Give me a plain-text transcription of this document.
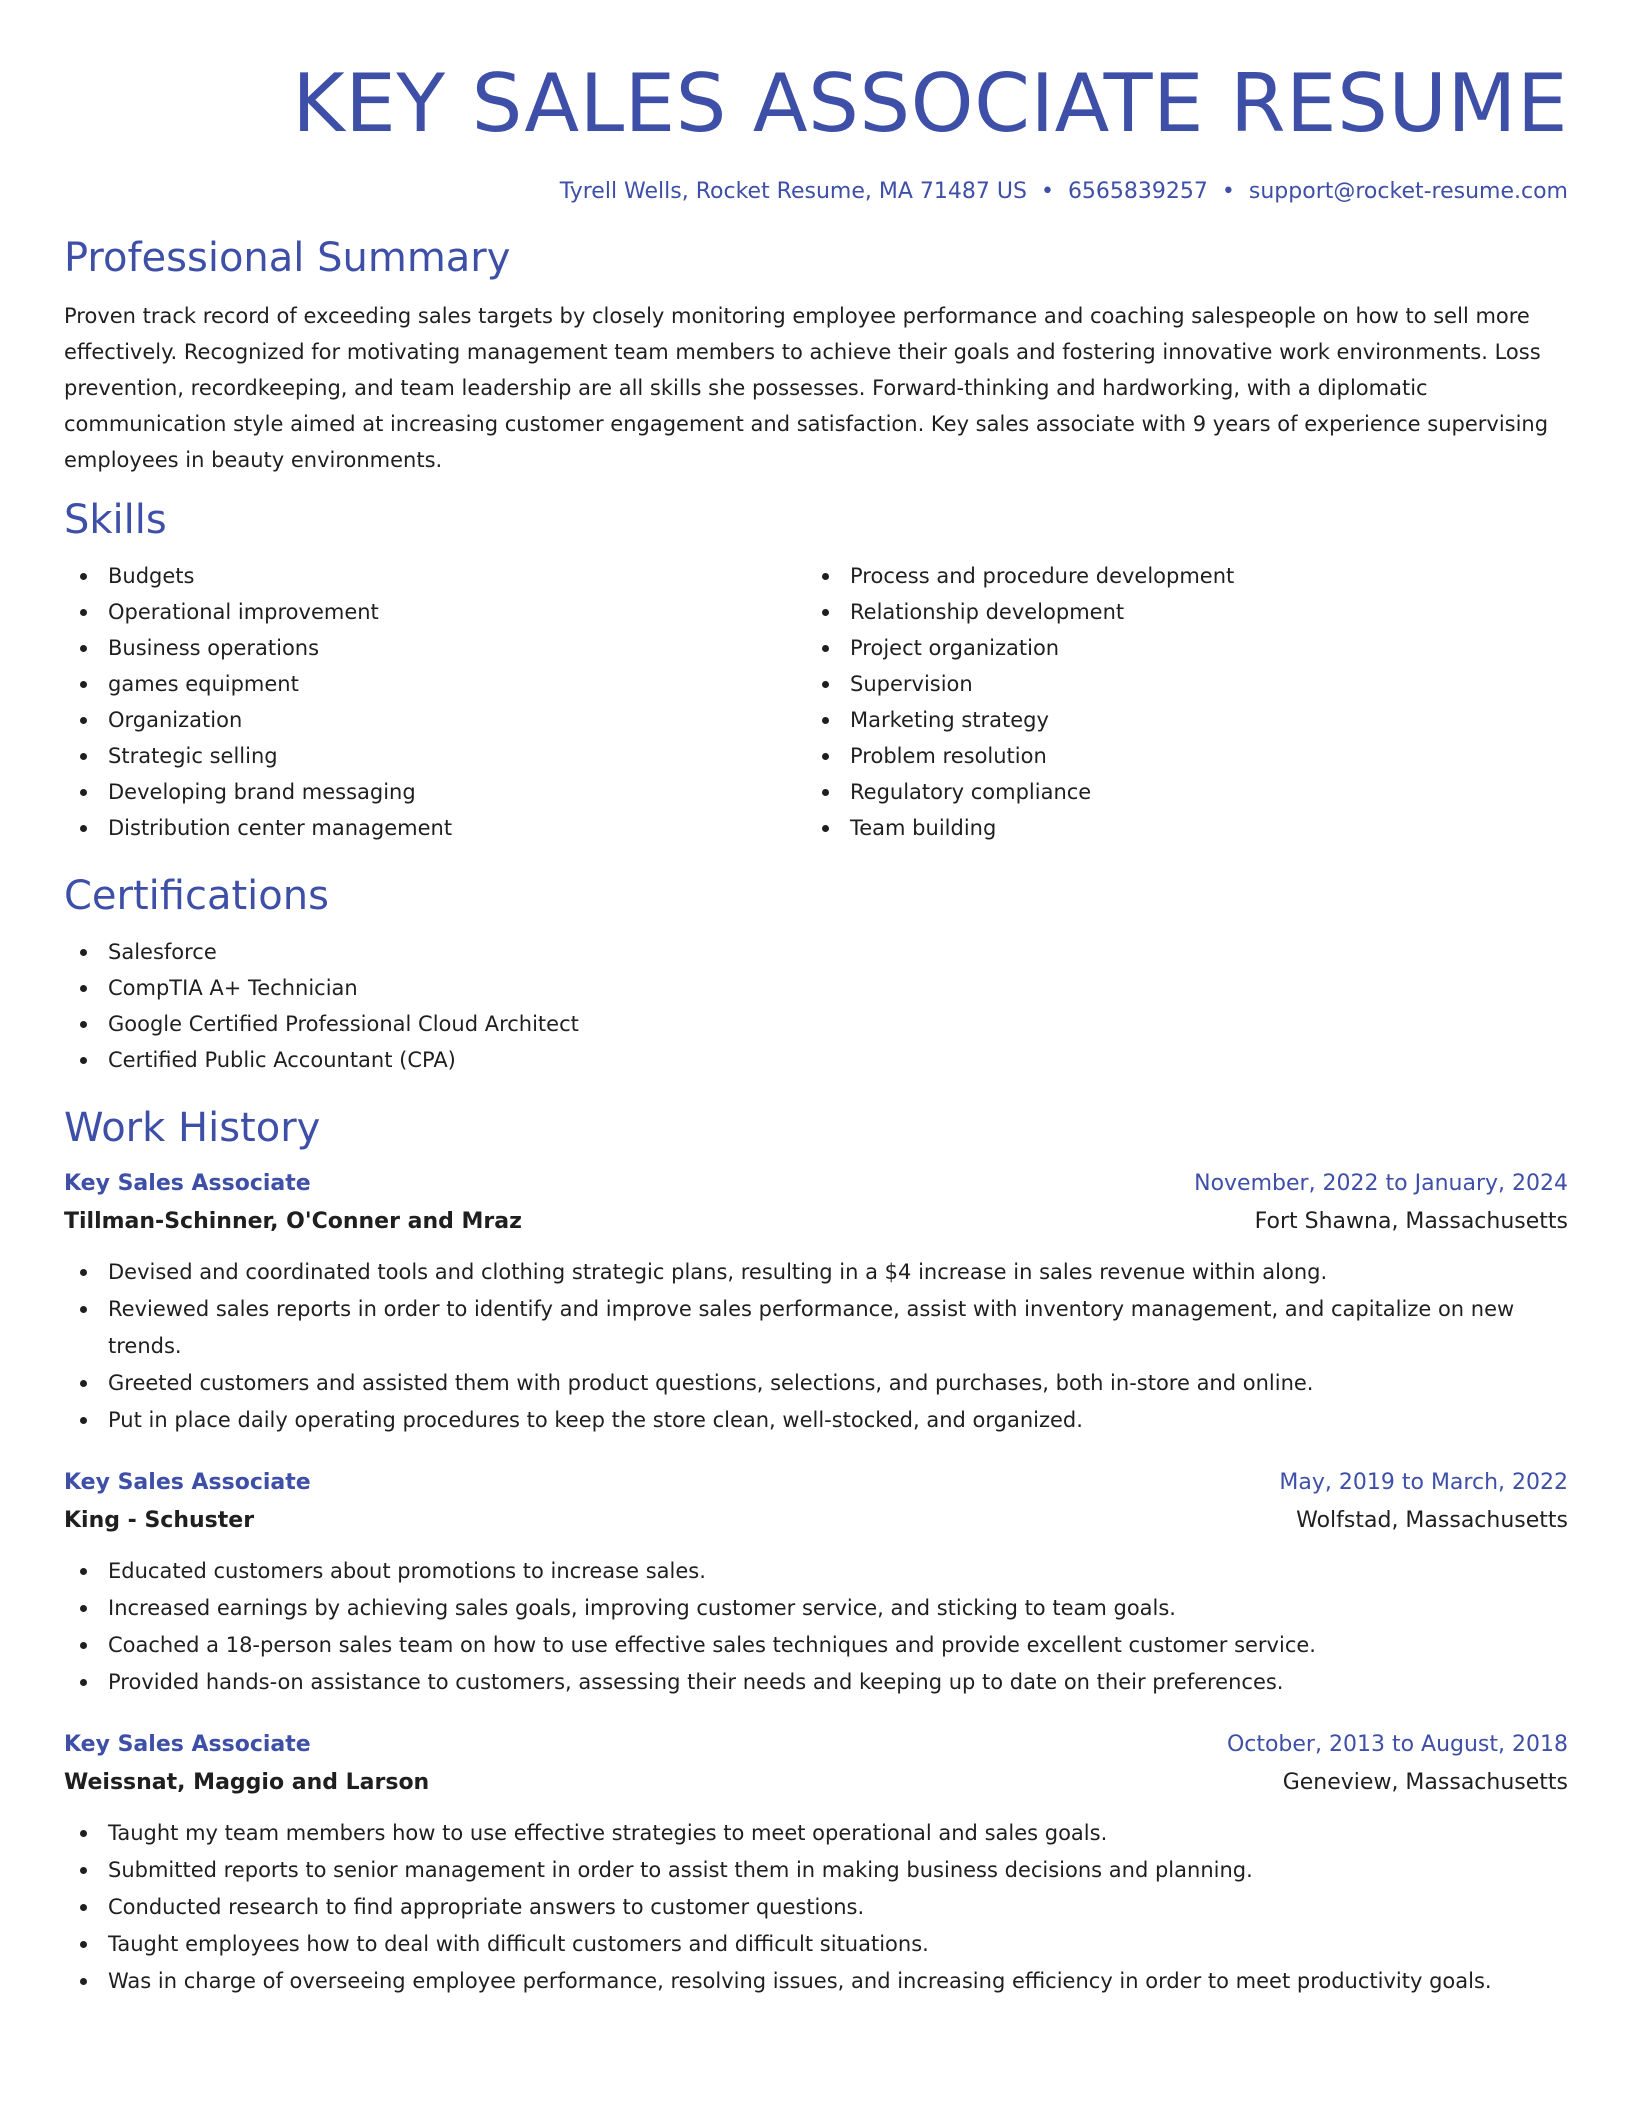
KEY SALES ASSOCIATE RESUME
Tyrell Wells, Rocket Resume, MA 71487 US • 6565839257 • support@rocket-resume.com
Professional Summary

Proven track record of exceeding sales targets by closely monitoring employee performance and coaching salespeople on how to sell more effectively. Recognized for motivating management team members to achieve their goals and fostering innovative work environments. Loss prevention, recordkeeping, and team leadership are all skills she possesses. Forward-thinking and hardworking, with a diplomatic communication style aimed at increasing customer engagement and satisfaction. Key sales associate with 9 years of experience supervising employees in beauty environments.

Skills
Budgets
Operational improvement
Business operations
games equipment
Organization
Strategic selling
Developing brand messaging
Distribution center management
Process and procedure development
Relationship development
Project organization
Supervision
Marketing strategy
Problem resolution
Regulatory compliance
Team building
Certifications
Salesforce
CompTIA A+ Technician
Google Certified Professional Cloud Architect
Certified Public Accountant (CPA)
Work History
Key Sales Associate	November, 2022 to January, 2024
Tillman-Schinner, O'Conner and Mraz	Fort Shawna, Massachusetts
Devised and coordinated tools and clothing strategic plans, resulting in a $4 increase in sales revenue within along.
Reviewed sales reports in order to identify and improve sales performance, assist with inventory management, and capitalize on new trends.
Greeted customers and assisted them with product questions, selections, and purchases, both in-store and online.
Put in place daily operating procedures to keep the store clean, well-stocked, and organized.
Key Sales Associate	May, 2019 to March, 2022
King - Schuster	Wolfstad, Massachusetts
Educated customers about promotions to increase sales.
Increased earnings by achieving sales goals, improving customer service, and sticking to team goals.
Coached a 18-person sales team on how to use effective sales techniques and provide excellent customer service.
Provided hands-on assistance to customers, assessing their needs and keeping up to date on their preferences.
Key Sales Associate	October, 2013 to August, 2018
Weissnat, Maggio and Larson	Geneview, Massachusetts
Taught my team members how to use effective strategies to meet operational and sales goals.
Submitted reports to senior management in order to assist them in making business decisions and planning.
Conducted research to find appropriate answers to customer questions.
Taught employees how to deal with difficult customers and difficult situations.
Was in charge of overseeing employee performance, resolving issues, and increasing efficiency in order to meet productivity goals.
